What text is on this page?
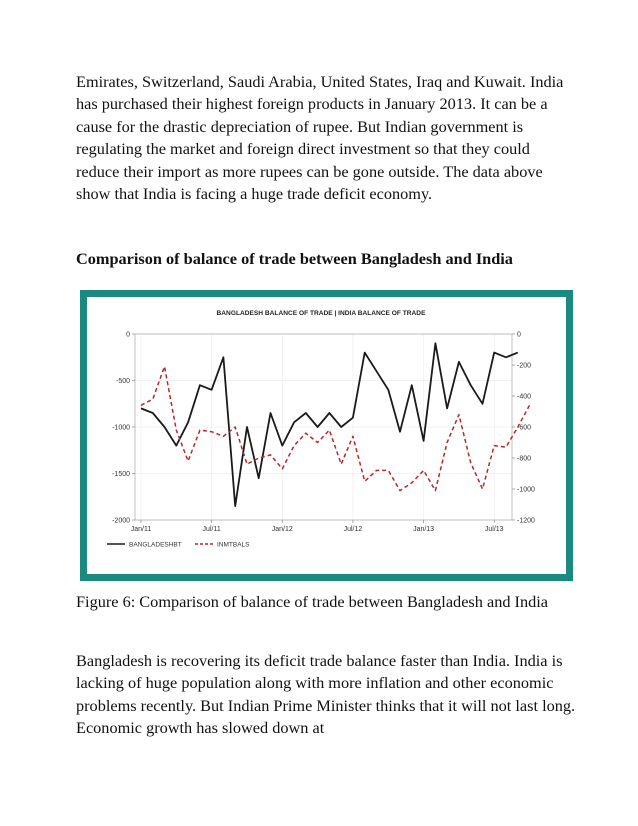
Emirates, Switzerland, Saudi Arabia, United States, Iraq and Kuwait. India has purchased their highest foreign products in January 2013. It can be a cause for the drastic depreciation of rupee. But Indian government is regulating the market and foreign direct investment so that they could reduce their import as more rupees can be gone outside. The data above show that India is facing a huge trade deficit economy.

Comparison of balance of trade between Bangladesh and India

BANGLADESH BALANCE OF TRADE | INDIA BALANCE OF TRADE
0
-500
-1000
-1500
-2000
0
-200
-400
-600
-800
-1000
-1200
Jan/11	Jul/11	Jan/12	Jul/12	Jan/13	Jul/13
BANGLADESHBT	INMTBALS

Figure 6: Comparison of balance of trade between Bangladesh and India

Bangladesh is recovering its deficit trade balance faster than India. India is lacking of huge population along with more inflation and other economic problems recently. But Indian Prime Minister thinks that it will not last long. Economic growth has slowed down at
